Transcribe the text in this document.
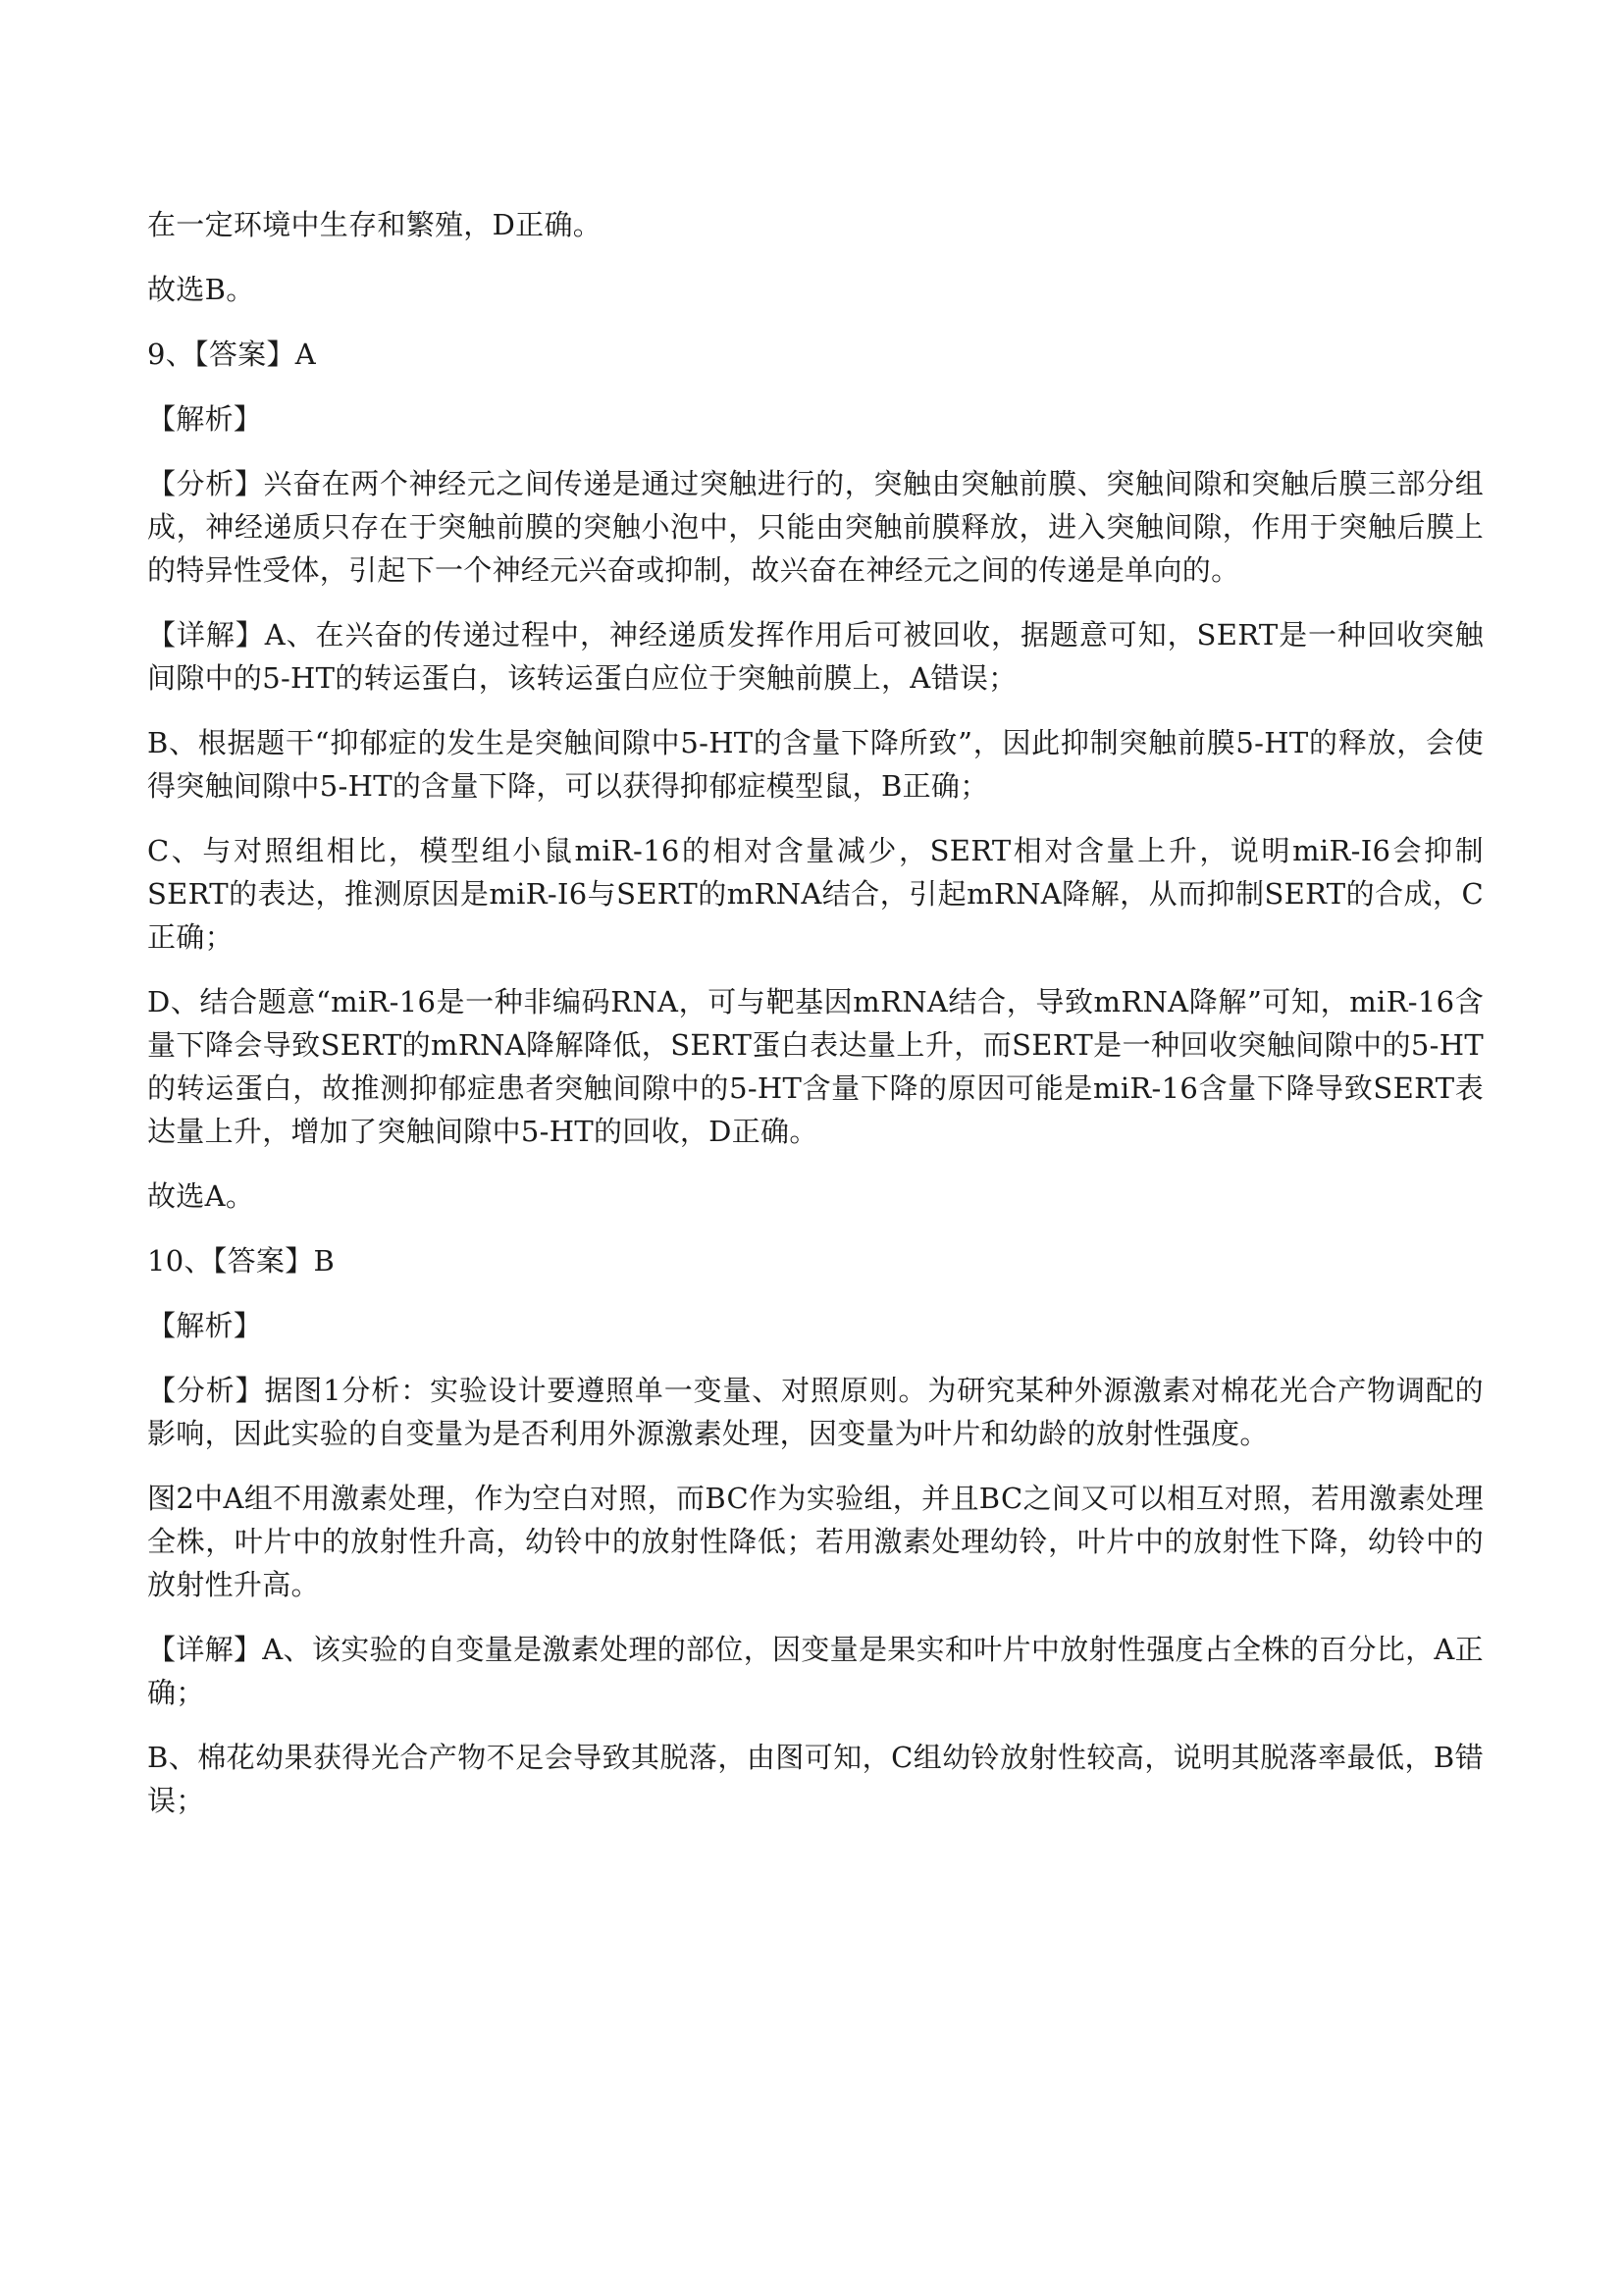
在一定环境中生存和繁殖，D正确。

故选B。

9、【答案】A

【解析】

【分析】兴奋在两个神经元之间传递是通过突触进行的，突触由突触前膜、突触间隙和突触后膜三部分组成，神经递质只存在于突触前膜的突触小泡中，只能由突触前膜释放，进入突触间隙，作用于突触后膜上的特异性受体，引起下一个神经元兴奋或抑制，故兴奋在神经元之间的传递是单向的。

【详解】A、在兴奋的传递过程中，神经递质发挥作用后可被回收，据题意可知，SERT是一种回收突触间隙中的5-HT的转运蛋白，该转运蛋白应位于突触前膜上，A错误；

B、根据题干“抑郁症的发生是突触间隙中5-HT的含量下降所致”，因此抑制突触前膜5-HT的释放，会使得突触间隙中5-HT的含量下降，可以获得抑郁症模型鼠，B正确；

C、与对照组相比，模型组小鼠miR-16的相对含量减少，SERT相对含量上升，说明miR-I6会抑制SERT的表达，推测原因是miR-I6与SERT的mRNA结合，引起mRNA降解，从而抑制SERT的合成，C正确；

D、结合题意“miR-16是一种非编码RNA，可与靶基因mRNA结合，导致mRNA降解”可知，miR-16含量下降会导致SERT的mRNA降解降低，SERT蛋白表达量上升，而SERT是一种回收突触间隙中的5-HT的转运蛋白，故推测抑郁症患者突触间隙中的5-HT含量下降的原因可能是miR-16含量下降导致SERT表达量上升，增加了突触间隙中5-HT的回收，D正确。

故选A。

10、【答案】B

【解析】

【分析】据图1分析：实验设计要遵照单一变量、对照原则。为研究某种外源激素对棉花光合产物调配的影响，因此实验的自变量为是否利用外源激素处理，因变量为叶片和幼龄的放射性强度。

图2中A组不用激素处理，作为空白对照，而BC作为实验组，并且BC之间又可以相互对照，若用激素处理全株，叶片中的放射性升高，幼铃中的放射性降低；若用激素处理幼铃，叶片中的放射性下降，幼铃中的放射性升高。

【详解】A、该实验的自变量是激素处理的部位，因变量是果实和叶片中放射性强度占全株的百分比，A正确；

B、棉花幼果获得光合产物不足会导致其脱落，由图可知，C组幼铃放射性较高，说明其脱落率最低，B错误；
